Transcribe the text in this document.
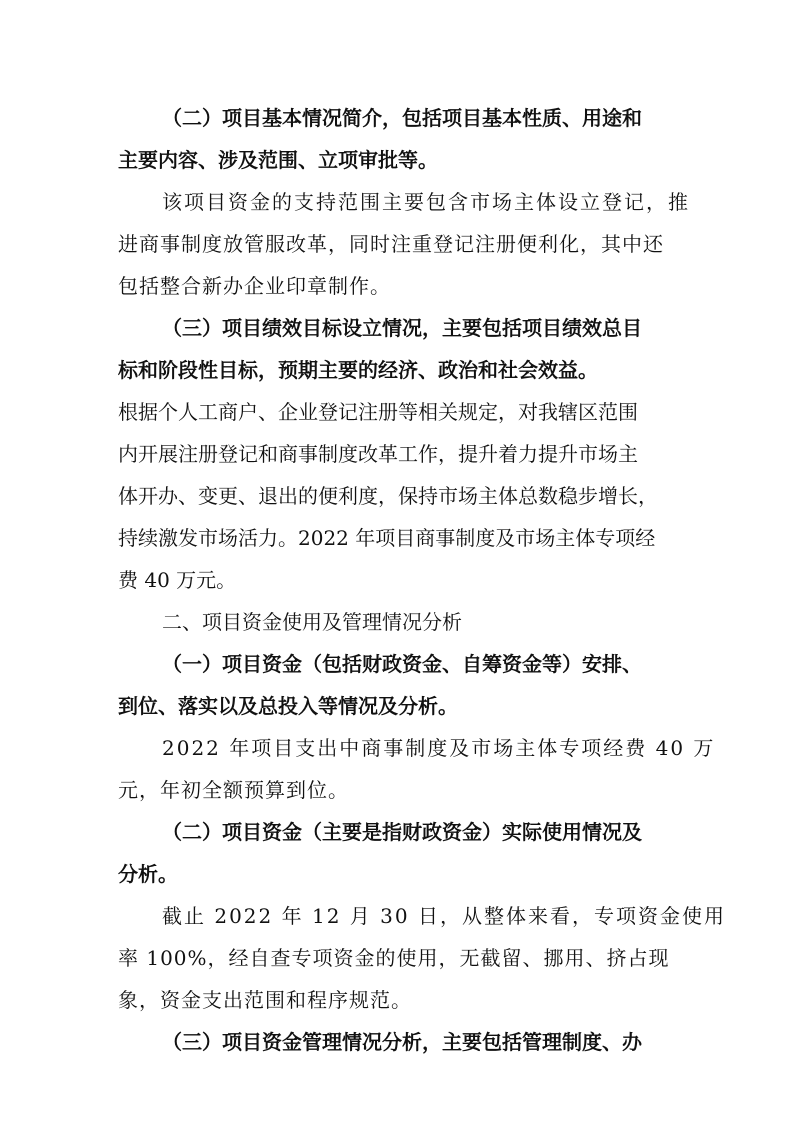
（二）项目基本情况简介，包括项目基本性质、用途和
主要内容、涉及范围、立项审批等。
该项目资金的支持范围主要包含市场主体设立登记，推
进商事制度放管服改革，同时注重登记注册便利化，其中还
包括整合新办企业印章制作。
（三）项目绩效目标设立情况，主要包括项目绩效总目
标和阶段性目标，预期主要的经济、政治和社会效益。
根据个人工商户、企业登记注册等相关规定，对我辖区范围
内开展注册登记和商事制度改革工作，提升着力提升市场主
体开办、变更、退出的便利度，保持市场主体总数稳步增长，
持续激发市场活力。2022 年项目商事制度及市场主体专项经
费 40 万元。
二、项目资金使用及管理情况分析
（一）项目资金（包括财政资金、自筹资金等）安排、
到位、落实以及总投入等情况及分析。
2022 年项目支出中商事制度及市场主体专项经费 40 万
元，年初全额预算到位。
（二）项目资金（主要是指财政资金）实际使用情况及
分析。
截止 2022 年 12 月 30 日，从整体来看，专项资金使用
率 100%，经自查专项资金的使用，无截留、挪用、挤占现
象，资金支出范围和程序规范。
（三）项目资金管理情况分析，主要包括管理制度、办
